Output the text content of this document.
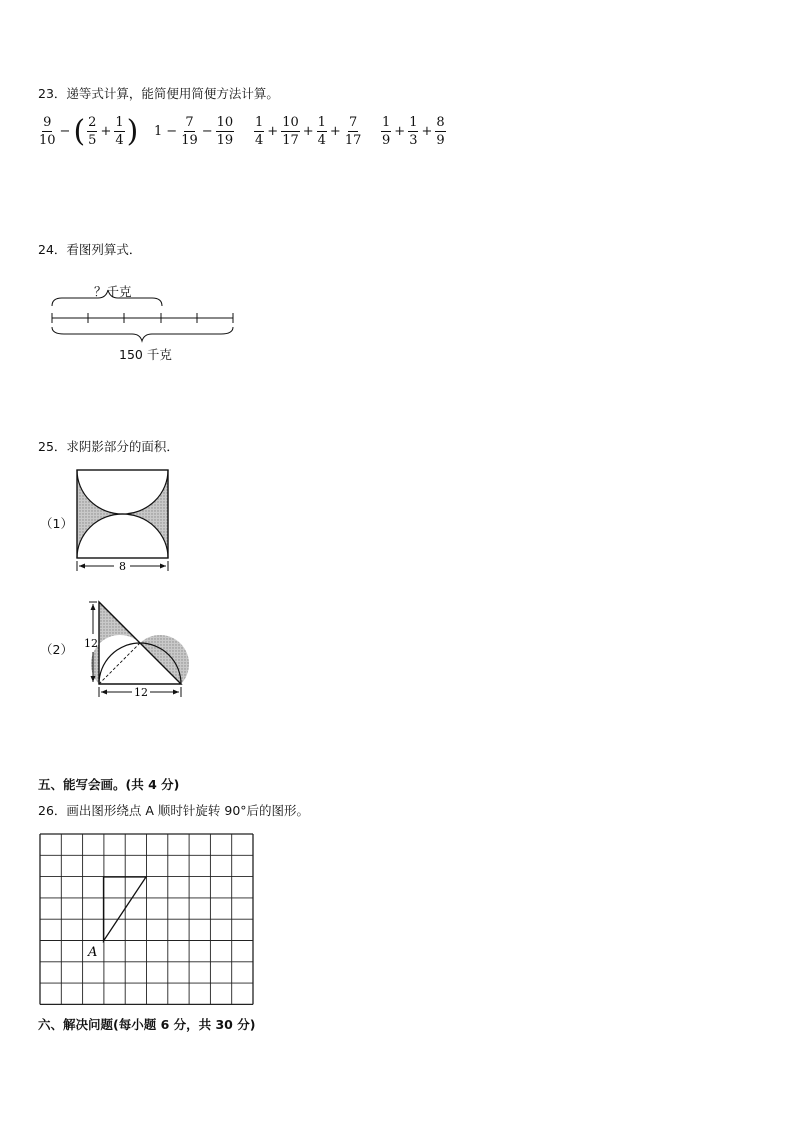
23．递等式计算，能简便用简便方法计算。
$\frac{9}{10}$ − ( $\frac{2}{5} + \frac{1}{4}$ ) $1 - \frac{7}{19} - \frac{10}{19} \frac{1}{4} + \frac{10}{17} + \frac{1}{4} + \frac{7}{17} \frac{1}{9} + \frac{1}{3} + \frac{8}{9}$
24．看图列算式．
？千克
150 千克
25．求阴影部分的面积．
（1）
8
（2） 12
12
五、能写会画。(共 4 分)
26．画出图形绕点 A 顺时针旋转 90°后的图形。
A
六、解决问题(每小题 6 分，共 30 分)
